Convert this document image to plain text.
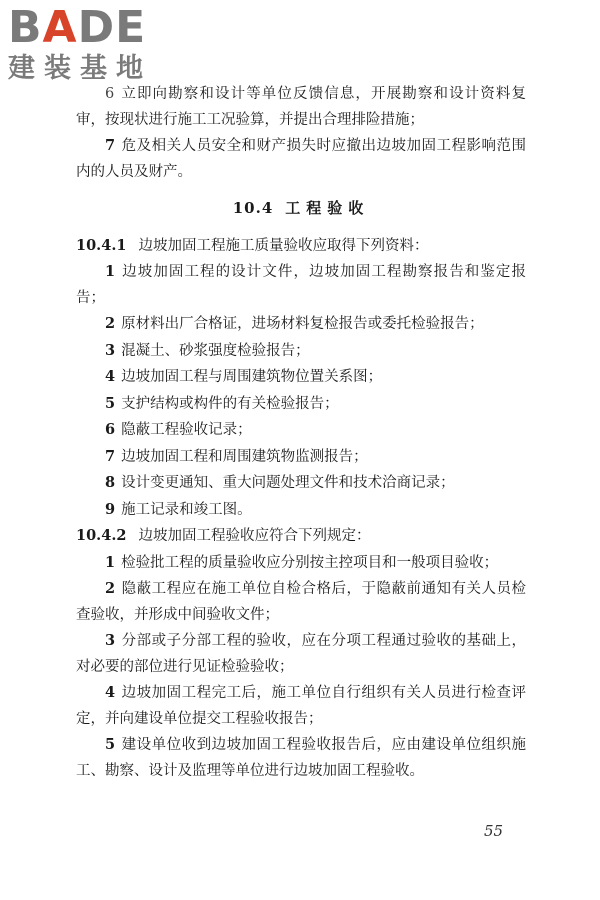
BADE
建装基地

6 立即向勘察和设计等单位反馈信息，开展勘察和设计资料复审，按现状进行施工工况验算，并提出合理排险措施；

7 危及相关人员安全和财产损失时应撤出边坡加固工程影响范围内的人员及财产。

10.4 工程验收

10.4.1 边坡加固工程施工质量验收应取得下列资料：

1 边坡加固工程的设计文件，边坡加固工程勘察报告和鉴定报告；

2 原材料出厂合格证，进场材料复检报告或委托检验报告；

3 混凝土、砂浆强度检验报告；

4 边坡加固工程与周围建筑物位置关系图；

5 支护结构或构件的有关检验报告；

6 隐蔽工程验收记录；

7 边坡加固工程和周围建筑物监测报告；

8 设计变更通知、重大问题处理文件和技术洽商记录；

9 施工记录和竣工图。

10.4.2 边坡加固工程验收应符合下列规定：

1 检验批工程的质量验收应分别按主控项目和一般项目验收；

2 隐蔽工程应在施工单位自检合格后，于隐蔽前通知有关人员检查验收，并形成中间验收文件；

3 分部或子分部工程的验收，应在分项工程通过验收的基础上，对必要的部位进行见证检验验收；

4 边坡加固工程完工后，施工单位自行组织有关人员进行检查评定，并向建设单位提交工程验收报告；

5 建设单位收到边坡加固工程验收报告后，应由建设单位组织施工、勘察、设计及监理等单位进行边坡加固工程验收。

55
